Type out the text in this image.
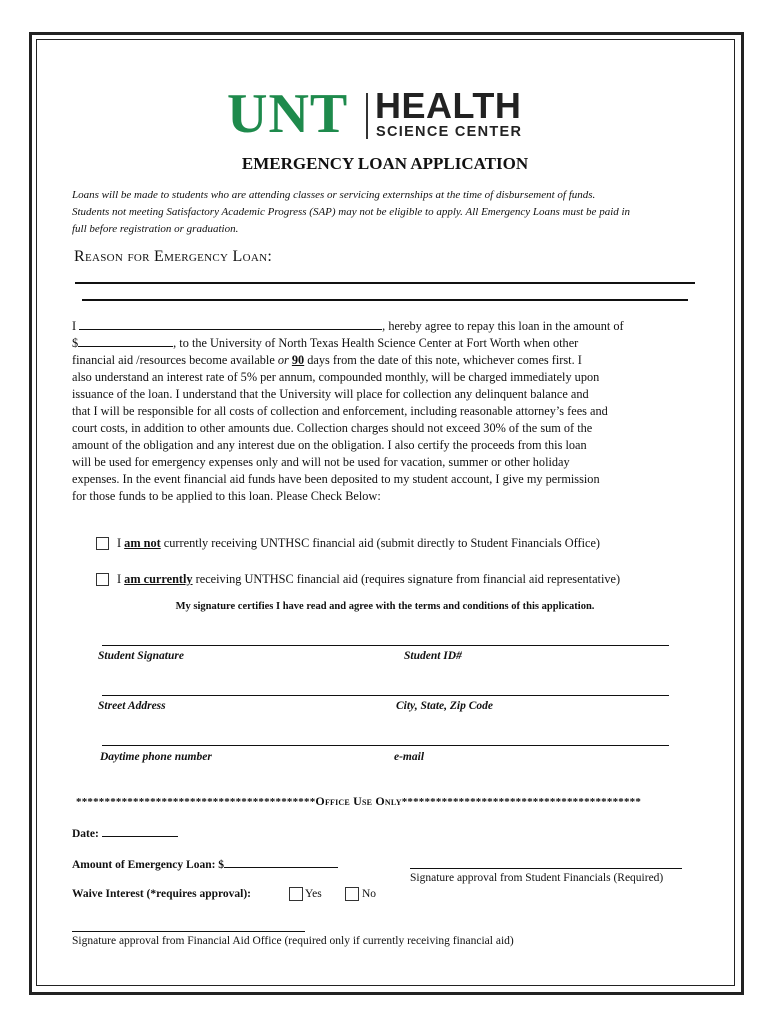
UNT HEALTH
SCIENCE CENTER
EMERGENCY LOAN APPLICATION
Loans will be made to students who are attending classes or servicing externships at the time of disbursement of funds.
Students not meeting Satisfactory Academic Progress (SAP) may not be eligible to apply. All Emergency Loans must be paid in
full before registration or graduation.
Reason for Emergency Loan:
I	, hereby agree to repay this loan in the amount of
$	, to the University of North Texas Health Science Center at Fort Worth when other
financial aid /resources become available or 90 days from the date of this note, whichever comes first. I
also understand an interest rate of 5% per annum, compounded monthly, will be charged immediately upon
issuance of the loan. I understand that the University will place for collection any delinquent balance and
that I will be responsible for all costs of collection and enforcement, including reasonable attorney’s fees and
court costs, in addition to other amounts due. Collection charges should not exceed 30% of the sum of the
amount of the obligation and any interest due on the obligation. I also certify the proceeds from this loan
will be used for emergency expenses only and will not be used for vacation, summer or other holiday
expenses. In the event financial aid funds have been deposited to my student account, I give my permission
for those funds to be applied to this loan. Please Check Below:
I am not currently receiving UNTHSC financial aid (submit directly to Student Financials Office)
I am currently receiving UNTHSC financial aid (requires signature from financial aid representative)
My signature certifies I have read and agree with the terms and conditions of this application.
Student Signature	Student ID#
Street Address	City, State, Zip Code
Daytime phone number	e-mail
******************************************Office Use Only******************************************
Date:
Amount of Emergency Loan: $
Signature approval from Student Financials (Required)
Waive Interest (*requires approval):	Yes	No
Signature approval from Financial Aid Office (required only if currently receiving financial aid)
